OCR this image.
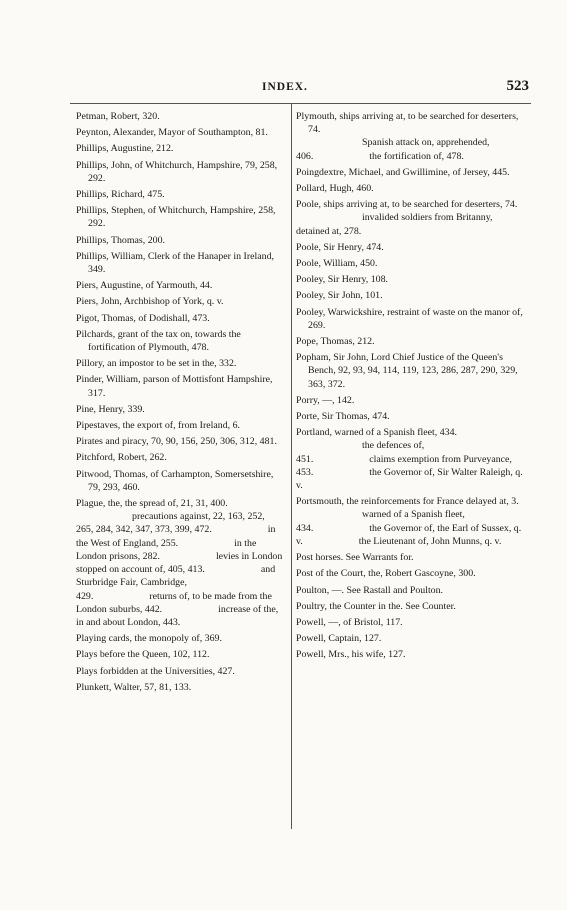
INDEX.	523
Petman, Robert, 320.
Peynton, Alexander, Mayor of Southampton, 81.
Phillips, Augustine, 212.
Phillips, John, of Whitchurch, Hampshire, 79, 258, 292.
Phillips, Richard, 475.
Phillips, Stephen, of Whitchurch, Hampshire, 258, 292.
Phillips, Thomas, 200.
Phillips, William, Clerk of the Hanaper in Ireland, 349.
Piers, Augustine, of Yarmouth, 44.
Piers, John, Archbishop of York, q. v.
Pigot, Thomas, of Dodishall, 473.
Pilchards, grant of the tax on, towards the fortification of Plymouth, 478.
Pillory, an impostor to be set in the, 332.
Pinder, William, parson of Mottisfont Hampshire, 317.
Pine, Henry, 339.
Pipestaves, the export of, from Ireland, 6.
Pirates and piracy, 70, 90, 156, 250, 306, 312, 481.
Pitchford, Robert, 262.
Pitwood, Thomas, of Carhampton, Somersetshire, 79, 293, 460.
Plague, the, the spread of, 21, 31, 400.
precautions against, 22, 163, 252, 265, 284, 342, 347, 373, 399, 472.	in the West of England, 255.	in the London prisons, 282.	levies in London stopped on account of, 405, 413.	and Sturbridge Fair, Cambridge, 429.	returns of, to be made from the London suburbs, 442.	increase of the, in and about London, 443.
Playing cards, the monopoly of, 369.
Plays before the Queen, 102, 112.
Plays forbidden at the Universities, 427.
Plunkett, Walter, 57, 81, 133.
Plymouth, ships arriving at, to be searched for deserters, 74.
Spanish attack on, apprehended, 406.	the fortification of, 478.
Poingdextre, Michael, and Gwillimine, of Jersey, 445.
Pollard, Hugh, 460.
Poole, ships arriving at, to be searched for deserters, 74.
invalided soldiers from Britanny, detained at, 278.
Poole, Sir Henry, 474.
Poole, William, 450.
Pooley, Sir Henry, 108.
Pooley, Sir John, 101.
Pooley, Warwickshire, restraint of waste on the manor of, 269.
Pope, Thomas, 212.
Popham, Sir John, Lord Chief Justice of the Queen's Bench, 92, 93, 94, 114, 119, 123, 286, 287, 290, 329, 363, 372.
Porry, —, 142.
Porte, Sir Thomas, 474.
Portland, warned of a Spanish fleet, 434.
the defences of, 451.	claims exemption from Purveyance, 453.	the Governor of, Sir Walter Raleigh, q. v.
Portsmouth, the reinforcements for France delayed at, 3.
warned of a Spanish fleet, 434.	the Governor of, the Earl of Sussex, q. v.	the Lieutenant of, John Munns, q. v.
Post horses. See Warrants for.
Post of the Court, the, Robert Gascoyne, 300.
Poulton, —. See Rastall and Poulton.
Poultry, the Counter in the. See Counter.
Powell, —, of Bristol, 117.
Powell, Captain, 127.
Powell, Mrs., his wife, 127.
